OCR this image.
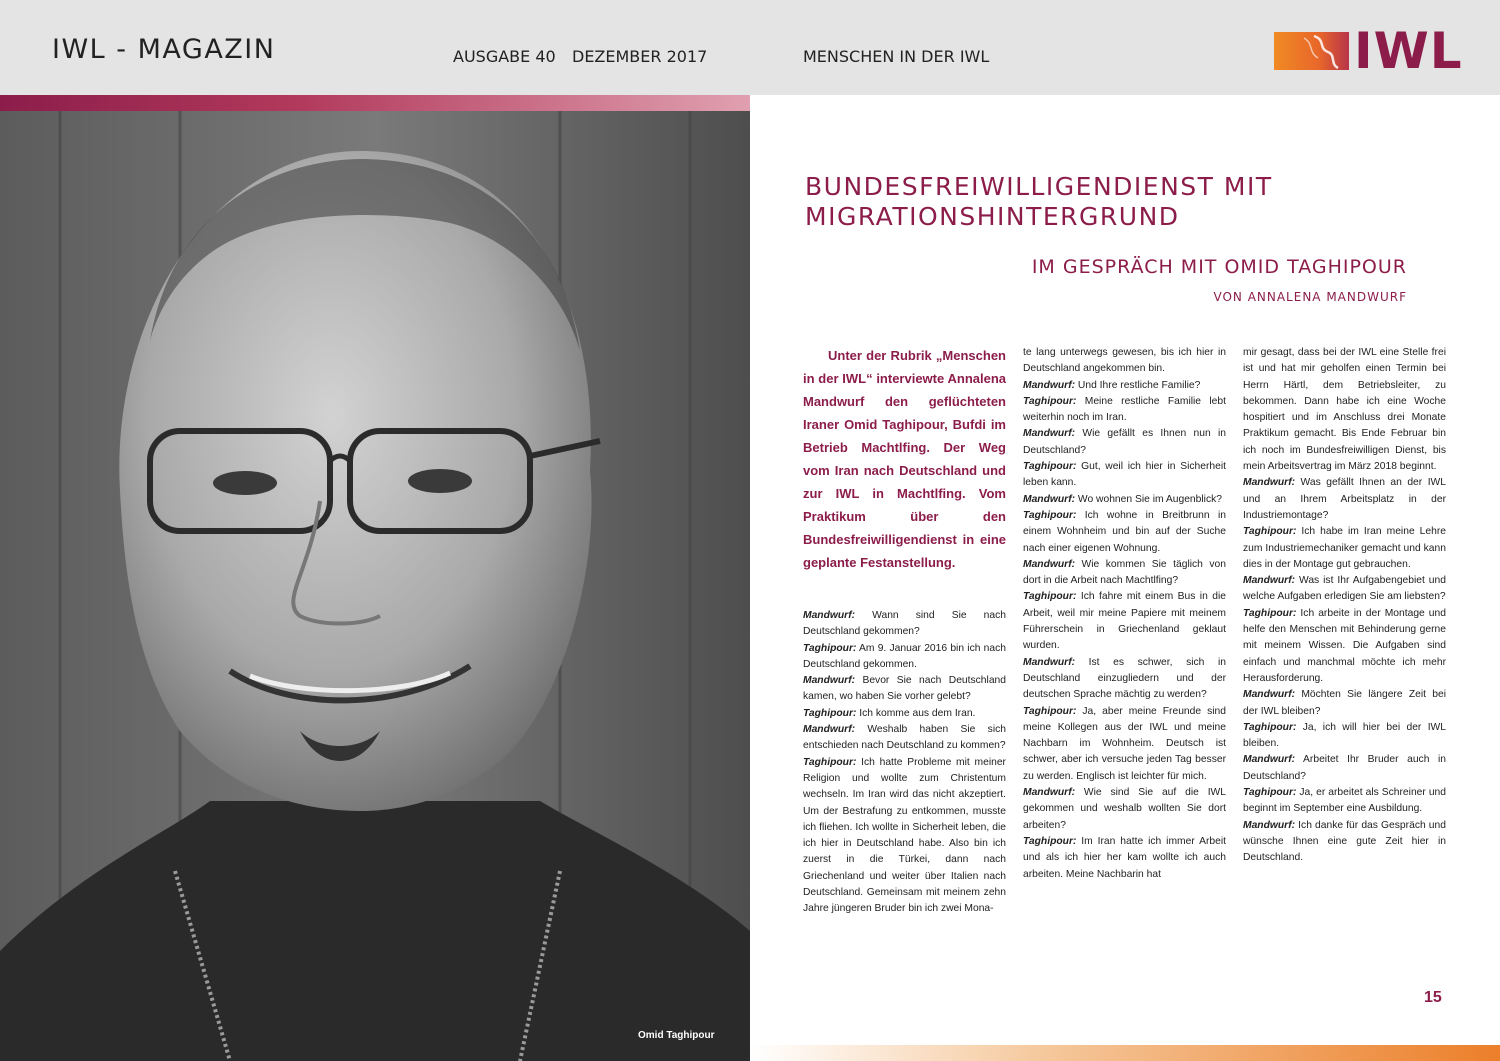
IWL - MAGAZIN	AUSGABE 40 DEZEMBER 2017	MENSCHEN IN DER IWL	IWL
Omid Taghipour
BUNDESFREIWILLIGENDIENST MIT
MIGRATIONSHINTERGRUND
IM GESPRÄCH MIT OMID TAGHIPOUR
VON ANNALENA MANDWURF
Unter der Rubrik „Menschen in der IWL“ interviewte Annalena Mandwurf den geflüchteten Iraner Omid Taghipour, Bufdi im Betrieb Machtlfing. Der Weg vom Iran nach Deutschland und zur IWL in Machtlfing. Vom Praktikum über den Bundesfreiwilligendienst in eine geplante Festanstellung.
Mandwurf: Wann sind Sie nach Deutschland gekommen?
Taghipour: Am 9. Januar 2016 bin ich nach Deutschland gekommen.
Mandwurf: Bevor Sie nach Deutschland kamen, wo haben Sie vorher gelebt?
Taghipour: Ich komme aus dem Iran.
Mandwurf: Weshalb haben Sie sich entschieden nach Deutschland zu kommen?
Taghipour: Ich hatte Probleme mit meiner Religion und wollte zum Christentum wechseln. Im Iran wird das nicht akzeptiert. Um der Bestrafung zu entkommen, musste ich fliehen. Ich wollte in Sicherheit leben, die ich hier in Deutschland habe. Also bin ich zuerst in die Türkei, dann nach Griechenland und weiter über Italien nach Deutschland. Gemeinsam mit meinem zehn Jahre jüngeren Bruder bin ich zwei Mona-
te lang unterwegs gewesen, bis ich hier in Deutschland angekommen bin.
Mandwurf: Und Ihre restliche Familie?
Taghipour: Meine restliche Familie lebt weiterhin noch im Iran.
Mandwurf: Wie gefällt es Ihnen nun in Deutschland?
Taghipour: Gut, weil ich hier in Sicherheit leben kann.
Mandwurf: Wo wohnen Sie im Augenblick?
Taghipour: Ich wohne in Breitbrunn in einem Wohnheim und bin auf der Suche nach einer eigenen Wohnung.
Mandwurf: Wie kommen Sie täglich von dort in die Arbeit nach Machtlfing?
Taghipour: Ich fahre mit einem Bus in die Arbeit, weil mir meine Papiere mit meinem Führerschein in Griechenland geklaut wurden.
Mandwurf: Ist es schwer, sich in Deutschland einzugliedern und der deutschen Sprache mächtig zu werden?
Taghipour: Ja, aber meine Freunde sind meine Kollegen aus der IWL und meine Nachbarn im Wohnheim. Deutsch ist schwer, aber ich versuche jeden Tag besser zu werden. Englisch ist leichter für mich.
Mandwurf: Wie sind Sie auf die IWL gekommen und weshalb wollten Sie dort arbeiten?
Taghipour: Im Iran hatte ich immer Arbeit und als ich hier her kam wollte ich auch arbeiten. Meine Nachbarin hat
mir gesagt, dass bei der IWL eine Stelle frei ist und hat mir geholfen einen Termin bei Herrn Härtl, dem Betriebsleiter, zu bekommen. Dann habe ich eine Woche hospitiert und im Anschluss drei Monate Praktikum gemacht. Bis Ende Februar bin ich noch im Bundesfreiwilligen Dienst, bis mein Arbeitsvertrag im März 2018 beginnt.
Mandwurf: Was gefällt Ihnen an der IWL und an Ihrem Arbeitsplatz in der Industriemontage?
Taghipour: Ich habe im Iran meine Lehre zum Industriemechaniker gemacht und kann dies in der Montage gut gebrauchen.
Mandwurf: Was ist Ihr Aufgabengebiet und welche Aufgaben erledigen Sie am liebsten?
Taghipour: Ich arbeite in der Montage und helfe den Menschen mit Behinderung gerne mit meinem Wissen. Die Aufgaben sind einfach und manchmal möchte ich mehr Herausforderung.
Mandwurf: Möchten Sie längere Zeit bei der IWL bleiben?
Taghipour: Ja, ich will hier bei der IWL bleiben.
Mandwurf: Arbeitet Ihr Bruder auch in Deutschland?
Taghipour: Ja, er arbeitet als Schreiner und beginnt im September eine Ausbildung.
Mandwurf: Ich danke für das Gespräch und wünsche Ihnen eine gute Zeit hier in Deutschland.
15
